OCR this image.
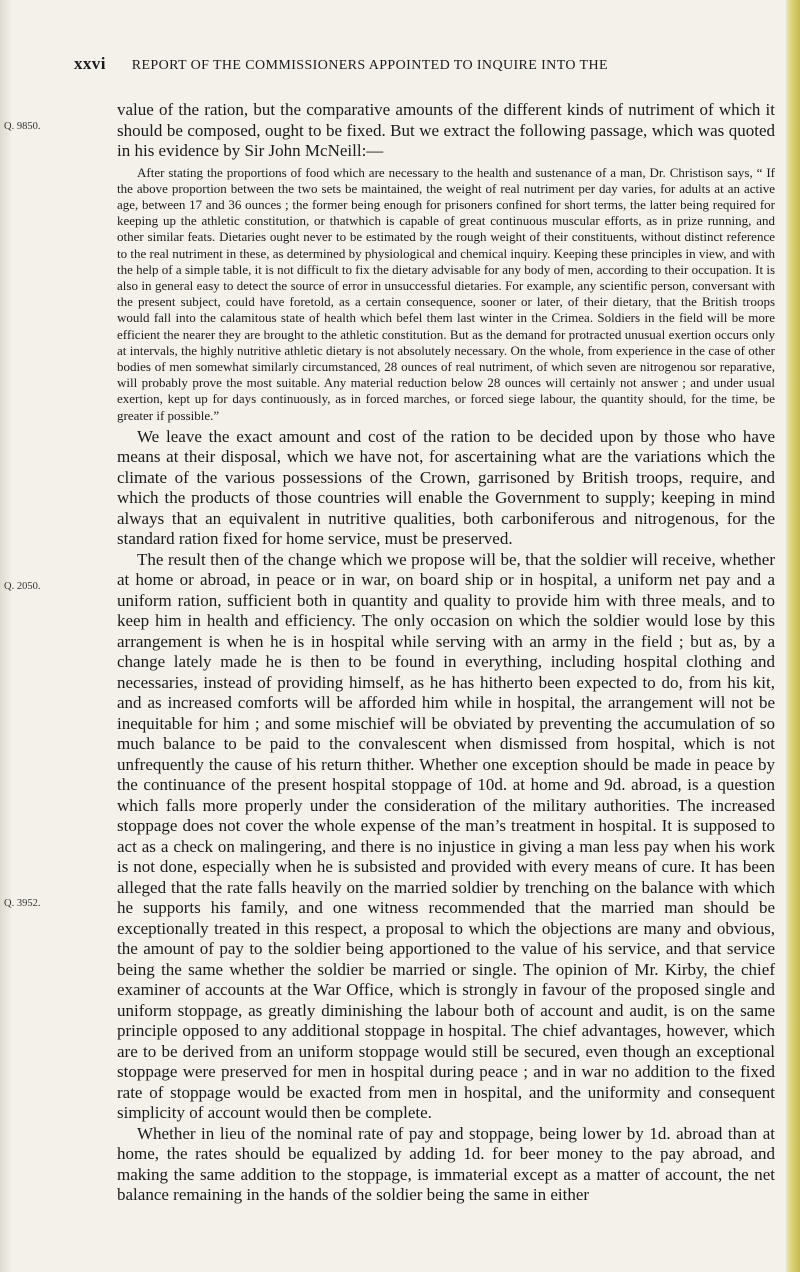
xxvi REPORT OF THE COMMISSIONERS APPOINTED TO INQUIRE INTO THE
Q. 9850.
Q. 2050.
Q. 3952.

value of the ration, but the comparative amounts of the different kinds of nutriment of which it should be composed, ought to be fixed. But we extract the following passage, which was quoted in his evidence by Sir John McNeill:—

After stating the proportions of food which are necessary to the health and sustenance of a man, Dr. Christison says, “ If the above proportion between the two sets be maintained, the weight of real nutriment per day varies, for adults at an active age, between 17 and 36 ounces ; the former being enough for prisoners confined for short terms, the latter being required for keeping up the athletic constitution, or thatwhich is capable of great continuous muscular efforts, as in prize running, and other similar feats. Dietaries ought never to be estimated by the rough weight of their constituents, without distinct reference to the real nutriment in these, as determined by physiological and chemical inquiry. Keeping these principles in view, and with the help of a simple table, it is not difficult to fix the dietary advisable for any body of men, according to their occupation. It is also in general easy to detect the source of error in unsuccessful dietaries. For example, any scientific person, conversant with the present subject, could have foretold, as a certain consequence, sooner or later, of their dietary, that the British troops would fall into the calamitous state of health which befel them last winter in the Crimea. Soldiers in the field will be more efficient the nearer they are brought to the athletic constitution. But as the demand for protracted unusual exertion occurs only at intervals, the highly nutritive athletic dietary is not absolutely necessary. On the whole, from experience in the case of other bodies of men somewhat similarly circumstanced, 28 ounces of real nutriment, of which seven are nitrogenou sor reparative, will probably prove the most suitable. Any material reduction below 28 ounces will certainly not answer ; and under usual exertion, kept up for days continuously, as in forced marches, or forced siege labour, the quantity should, for the time, be greater if possible.”

We leave the exact amount and cost of the ration to be decided upon by those who have means at their disposal, which we have not, for ascertaining what are the variations which the climate of the various possessions of the Crown, garrisoned by British troops, require, and which the products of those countries will enable the Government to supply; keeping in mind always that an equivalent in nutritive qualities, both carboniferous and nitrogenous, for the standard ration fixed for home service, must be preserved.

The result then of the change which we propose will be, that the soldier will receive, whether at home or abroad, in peace or in war, on board ship or in hospital, a uniform net pay and a uniform ration, sufficient both in quantity and quality to provide him with three meals, and to keep him in health and efficiency. The only occasion on which the soldier would lose by this arrangement is when he is in hospital while serving with an army in the field ; but as, by a change lately made he is then to be found in everything, including hospital clothing and necessaries, instead of providing himself, as he has hitherto been expected to do, from his kit, and as increased comforts will be afforded him while in hospital, the arrangement will not be inequitable for him ; and some mischief will be obviated by preventing the accumulation of so much balance to be paid to the convalescent when dismissed from hospital, which is not unfrequently the cause of his return thither. Whether one exception should be made in peace by the continuance of the present hospital stoppage of 10d. at home and 9d. abroad, is a question which falls more properly under the consideration of the military authorities. The increased stoppage does not cover the whole expense of the man’s treatment in hospital. It is supposed to act as a check on malingering, and there is no injustice in giving a man less pay when his work is not done, especially when he is subsisted and provided with every means of cure. It has been alleged that the rate falls heavily on the married soldier by trenching on the balance with which he supports his family, and one witness recommended that the married man should be exceptionally treated in this respect, a proposal to which the objections are many and obvious, the amount of pay to the soldier being apportioned to the value of his service, and that service being the same whether the soldier be married or single. The opinion of Mr. Kirby, the chief examiner of accounts at the War Office, which is strongly in favour of the proposed single and uniform stoppage, as greatly diminishing the labour both of account and audit, is on the same principle opposed to any additional stoppage in hospital. The chief advantages, however, which are to be derived from an uniform stoppage would still be secured, even though an exceptional stoppage were preserved for men in hospital during peace ; and in war no addition to the fixed rate of stoppage would be exacted from men in hospital, and the uniformity and consequent simplicity of account would then be complete.

Whether in lieu of the nominal rate of pay and stoppage, being lower by 1d. abroad than at home, the rates should be equalized by adding 1d. for beer money to the pay abroad, and making the same addition to the stoppage, is immaterial except as a matter of account, the net balance remaining in the hands of the soldier being the same in either
